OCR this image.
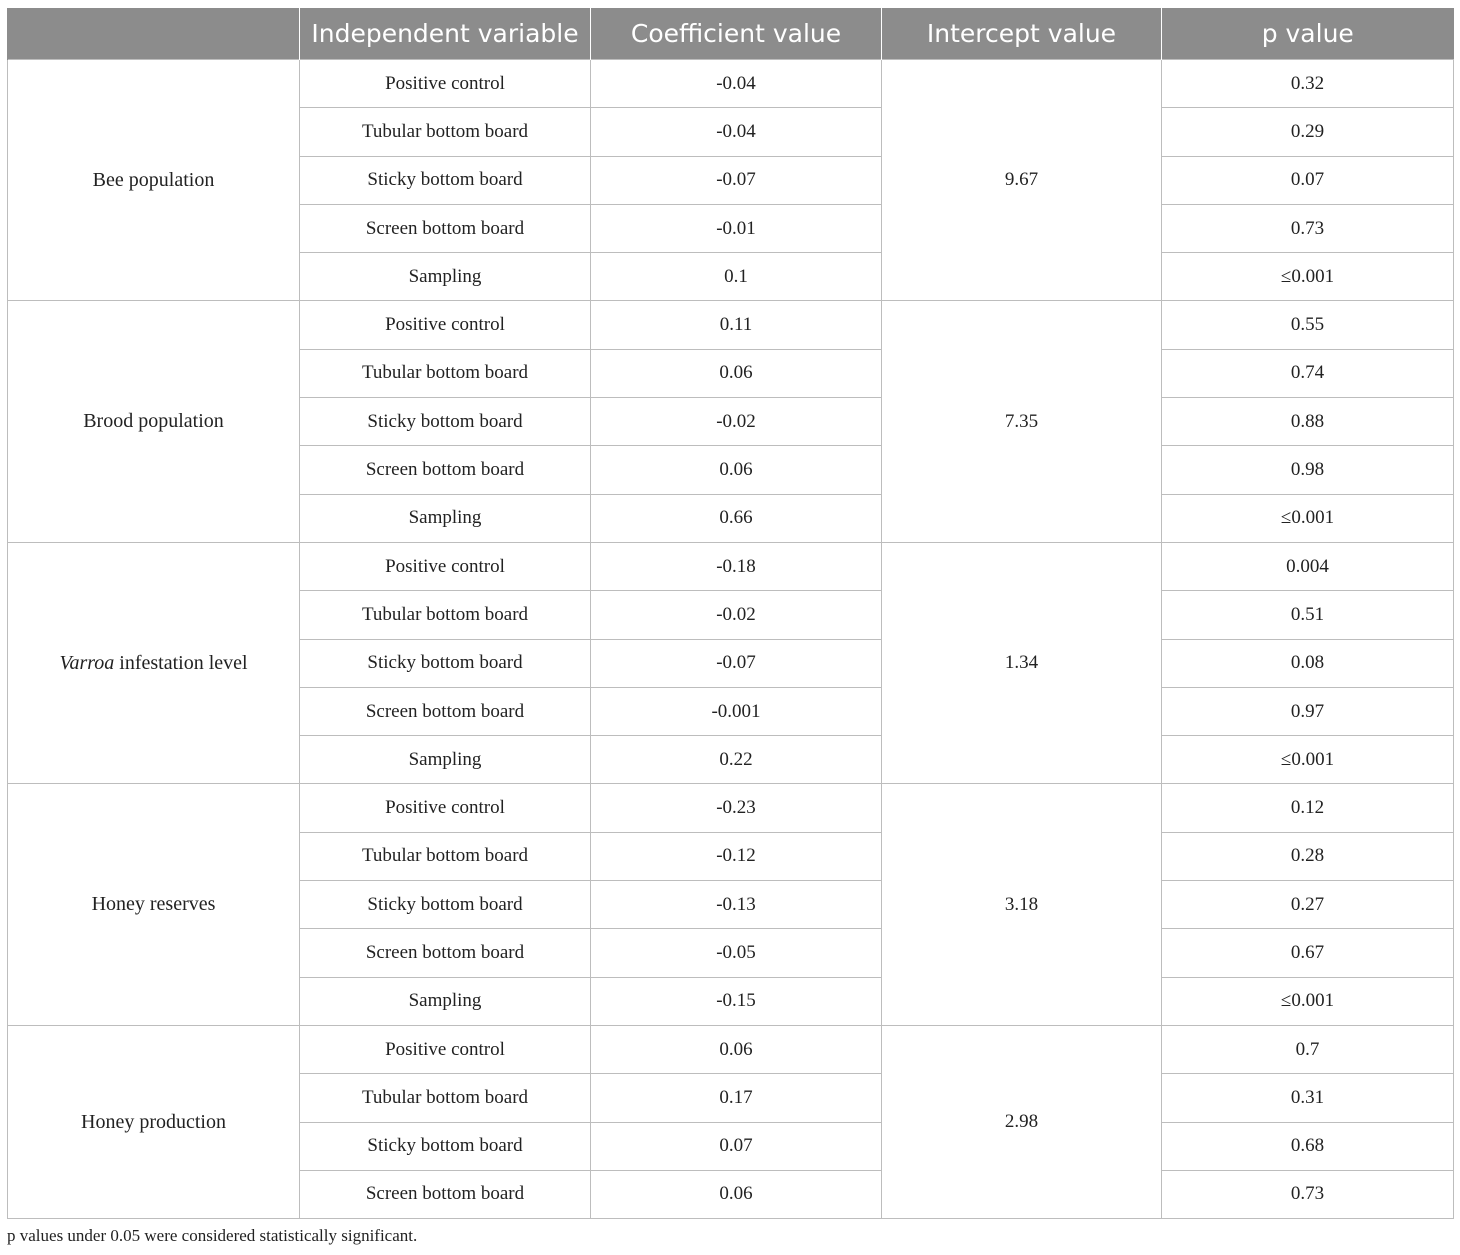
	Independent variable	Coefficient value	Intercept value	p value
Bee population	Positive control	-0.04	9.67	0.32
	Tubular bottom board	-0.04		0.29
	Sticky bottom board	-0.07		0.07
	Screen bottom board	-0.01		0.73
	Sampling	0.1		≤0.001
Brood population	Positive control	0.11	7.35	0.55
	Tubular bottom board	0.06		0.74
	Sticky bottom board	-0.02		0.88
	Screen bottom board	0.06		0.98
	Sampling	0.66		≤0.001
Varroa infestation level	Positive control	-0.18	1.34	0.004
	Tubular bottom board	-0.02		0.51
	Sticky bottom board	-0.07		0.08
	Screen bottom board	-0.001		0.97
	Sampling	0.22		≤0.001
Honey reserves	Positive control	-0.23	3.18	0.12
	Tubular bottom board	-0.12		0.28
	Sticky bottom board	-0.13		0.27
	Screen bottom board	-0.05		0.67
	Sampling	-0.15		≤0.001
Honey production	Positive control	0.06	2.98	0.7
	Tubular bottom board	0.17		0.31
	Sticky bottom board	0.07		0.68
	Screen bottom board	0.06		0.73
p values under 0.05 were considered statistically significant.
